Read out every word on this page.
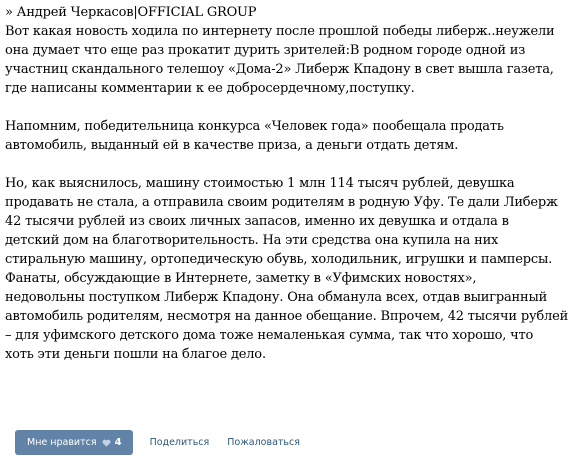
» Андрей Черкасов|OFFICIAL GROUP
Вот какая новость ходила по интернету после прошлой победы либерж..неужели
она думает что еще раз прокатит дурить зрителей:В родном городе одной из
участниц скандального телешоу «Дома-2» Либерж Кпадону в свет вышла газета,
где написаны комментарии к ее добросердечному,поступку.
Напомним, победительница конкурса «Человек года» пообещала продать
автомобиль, выданный ей в качестве приза, а деньги отдать детям.
Но, как выяснилось, машину стоимостью 1 млн 114 тысяч рублей, девушка
продавать не стала, а отправила своим родителям в родную Уфу. Те дали Либерж
42 тысячи рублей из своих личных запасов, именно их девушка и отдала в
детский дом на благотворительность. На эти средства она купила на них
стиральную машину, ортопедическую обувь, холодильник, игрушки и памперсы.
Фанаты, обсуждающие в Интернете, заметку в «Уфимских новостях»,
недовольны поступком Либерж Кпадону. Она обманула всех, отдав выигранный
автомобиль родителям, несмотря на данное обещание. Впрочем, 42 тысячи рублей
– для уфимского детского дома тоже немаленькая сумма, так что хорошо, что
хоть эти деньги пошли на благое дело.
Мне нравится 4	Поделиться Пожаловаться
